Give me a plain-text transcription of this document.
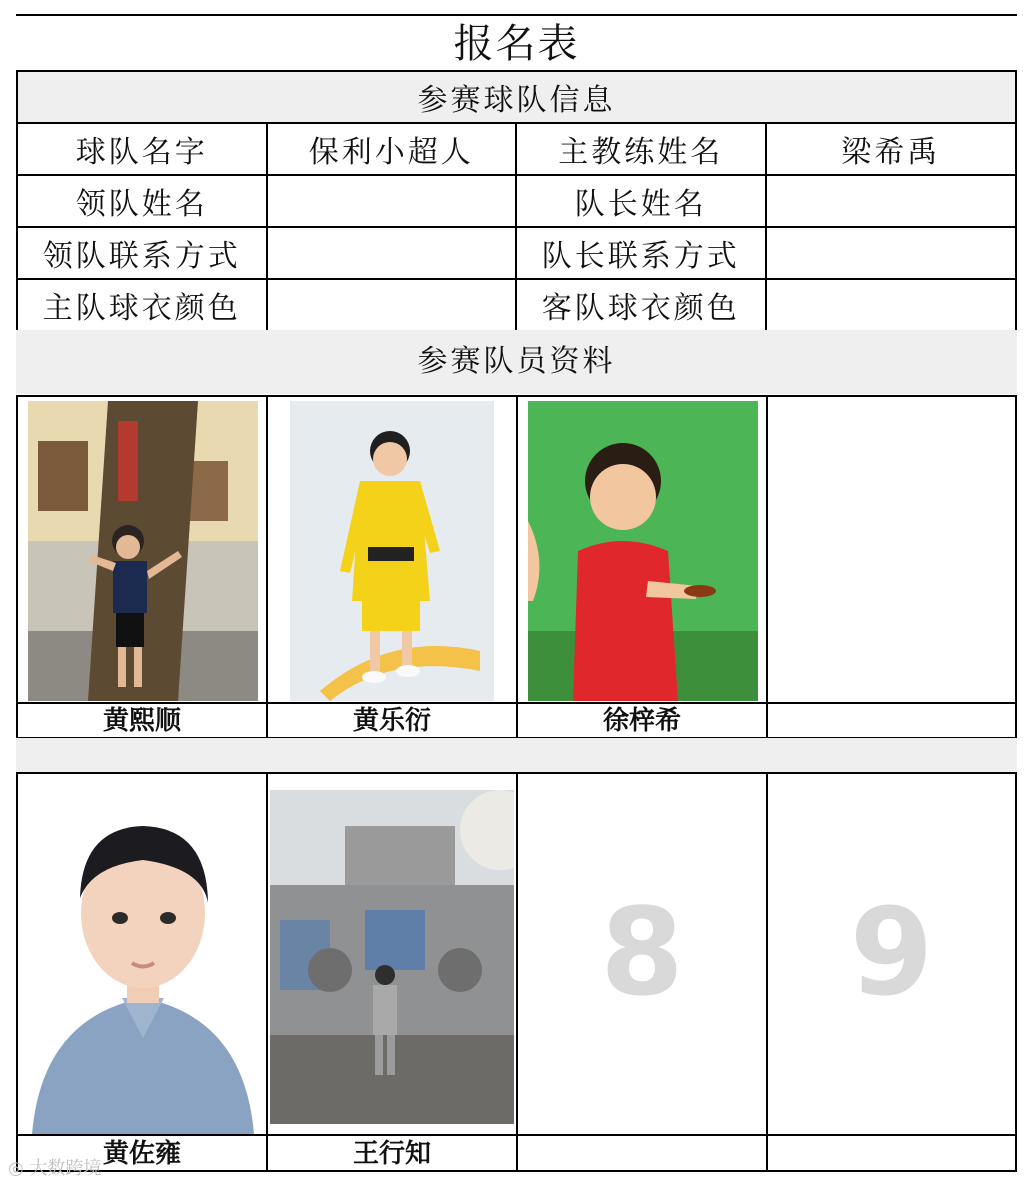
报名表
参赛球队信息			
球队名字	保利小超人	主教练姓名	梁希禹
领队姓名		队长姓名	
领队联系方式		队长联系方式	
主队球衣颜色		客队球衣颜色	
参赛队员资料
黄熙顺	黄乐衍	徐梓希
黄佐雍	王行知
8	9
◎ 大数跨境
